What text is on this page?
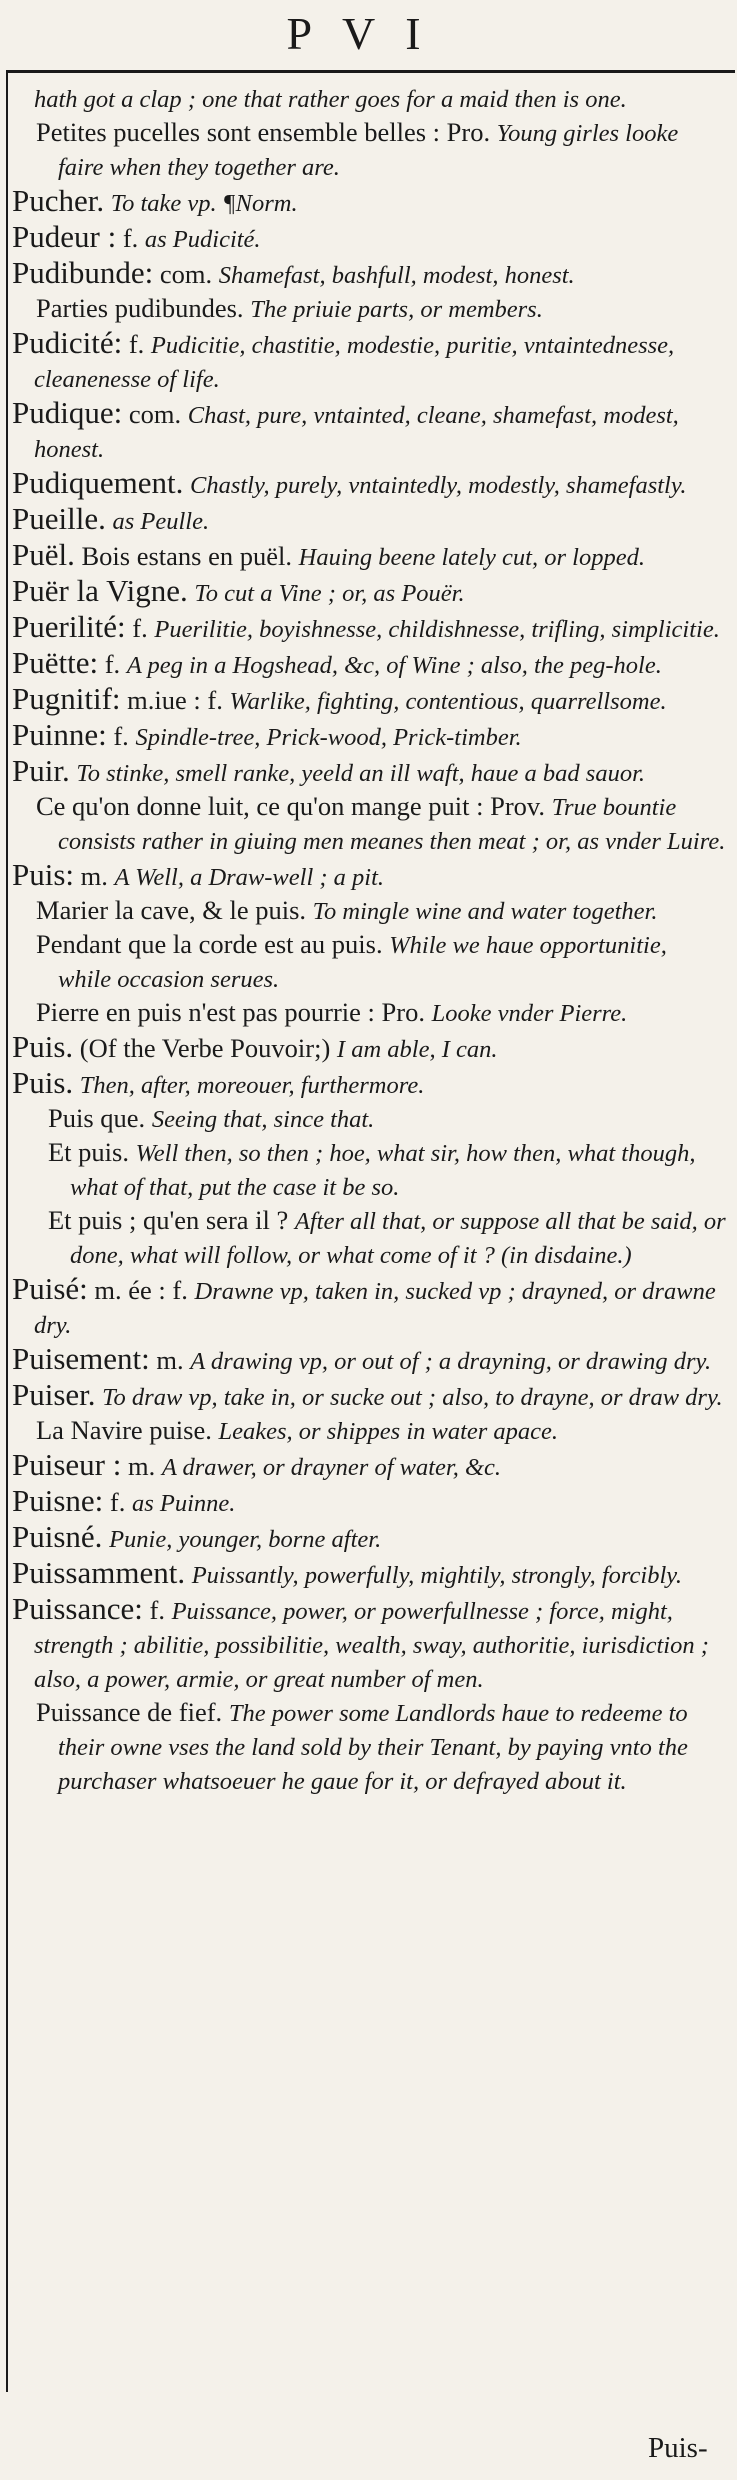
PVI

hath got a clap ; one that rather goes for a maid then is one.

Petites pucelles sont ensemble belles : Pro. Young girles looke faire when they together are.

Pucher. To take vp. ¶Norm.

Pudeur : f. as Pudicité.

Pudibunde: com. Shamefast, bashfull, modest, honest.

Parties pudibundes. The priuie parts, or members.

Pudicité: f. Pudicitie, chastitie, modestie, puritie, vntaintednesse, cleanenesse of life.

Pudique: com. Chast, pure, vntainted, cleane, shamefast, modest, honest.

Pudiquement. Chastly, purely, vntaintedly, modestly, shamefastly.

Pueille. as Peulle.

Puël. Bois estans en puël. Hauing beene lately cut, or lopped.

Puër la Vigne. To cut a Vine ; or, as Pouër.

Puerilité: f. Puerilitie, boyishnesse, childishnesse, trifling, simplicitie.

Puëtte: f. A peg in a Hogshead, &c, of Wine ; also, the peg-hole.

Pugnitif: m.iue : f. Warlike, fighting, contentious, quarrellsome.

Puinne: f. Spindle-tree, Prick-wood, Prick-timber.

Puir. To stinke, smell ranke, yeeld an ill waft, haue a bad sauor.

Ce qu'on donne luit, ce qu'on mange puit : Prov. True bountie consists rather in giuing men meanes then meat ; or, as vnder Luire.

Puis: m. A Well, a Draw-well ; a pit.

Marier la cave, & le puis. To mingle wine and water together.

Pendant que la corde est au puis. While we haue opportunitie, while occasion serues.

Pierre en puis n'est pas pourrie : Pro. Looke vnder Pierre.

Puis. (Of the Verbe Pouvoir;) I am able, I can.

Puis. Then, after, moreouer, furthermore.

Puis que. Seeing that, since that.

Et puis. Well then, so then ; hoe, what sir, how then, what though, what of that, put the case it be so.

Et puis ; qu'en sera il ? After all that, or suppose all that be said, or done, what will follow, or what come of it ? (in disdaine.)

Puisé: m. ée : f. Drawne vp, taken in, sucked vp ; drayned, or drawne dry.

Puisement: m. A drawing vp, or out of ; a drayning, or drawing dry.

Puiser. To draw vp, take in, or sucke out ; also, to drayne, or draw dry.

La Navire puise. Leakes, or shippes in water apace.

Puiseur : m. A drawer, or drayner of water, &c.

Puisne: f. as Puinne.

Puisné. Punie, younger, borne after.

Puissamment. Puissantly, powerfully, mightily, strongly, forcibly.

Puissance: f. Puissance, power, or powerfullnesse ; force, might, strength ; abilitie, possibilitie, wealth, sway, authoritie, iurisdiction ; also, a power, armie, or great number of men.

Puissance de fief. The power some Landlords haue to redeeme to their owne vses the land sold by their Tenant, by paying vnto the purchaser whatsoeuer he gaue for it, or defrayed about it.

Puis-
